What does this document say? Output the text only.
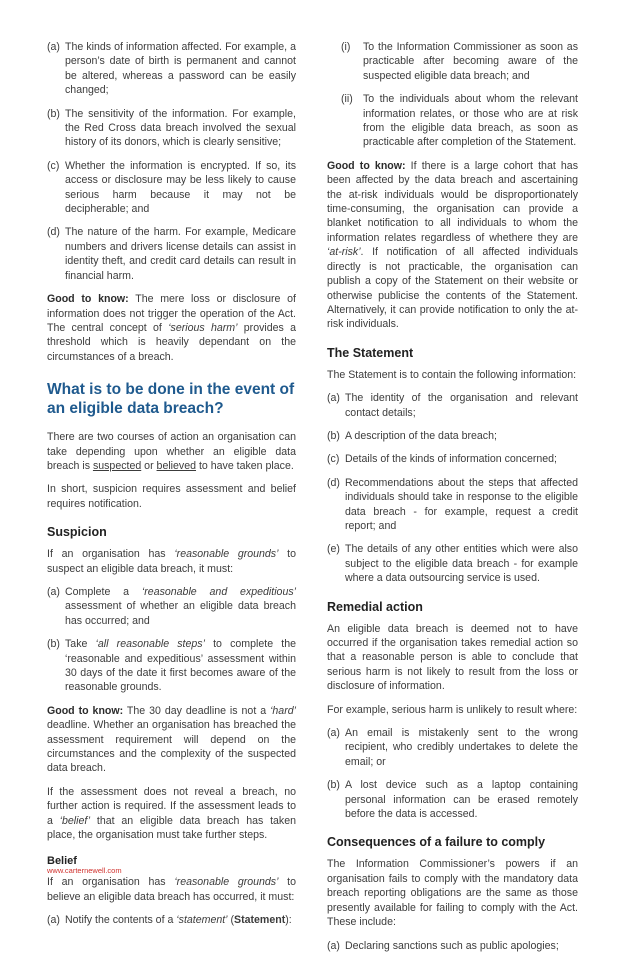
(a) The kinds of information affected. For example, a person’s date of birth is permanent and cannot be altered, whereas a password can be easily changed;
(b) The sensitivity of the information. For example, the Red Cross data breach involved the sexual history of its donors, which is clearly sensitive;
(c) Whether the information is encrypted. If so, its access or disclosure may be less likely to cause serious harm because it may not be decipherable; and
(d) The nature of the harm. For example, Medicare numbers and drivers license details can assist in identity theft, and credit card details can result in financial harm.

Good to know: The mere loss or disclosure of information does not trigger the operation of the Act. The central concept of ‘serious harm’ provides a threshold which is heavily dependant on the circumstances of a breach.

What is to be done in the event of an eligible data breach?

There are two courses of action an organisation can take depending upon whether an eligible data breach is suspected or believed to have taken place.

In short, suspicion requires assessment and belief requires notification.

Suspicion

If an organisation has ‘reasonable grounds’ to suspect an eligible data breach, it must:

(a) Complete a ‘reasonable and expeditious’ assessment of whether an eligible data breach has occurred; and
(b) Take ‘all reasonable steps’ to complete the ‘reasonable and expeditious’ assessment within 30 days of the date it first becomes aware of the reasonable grounds.

Good to know: The 30 day deadline is not a ‘hard’ deadline. Whether an organisation has breached the assessment requirement will depend on the circumstances and the complexity of the suspected data breach.

If the assessment does not reveal a breach, no further action is required. If the assessment leads to a ‘belief’ that an eligible data breach has taken place, the organisation must take further steps.

Belief

If an organisation has ‘reasonable grounds’ to believe an eligible data breach has occurred, it must:

(a) Notify the contents of a ‘statement’ (Statement):
(i)	To the Information Commissioner as soon as practicable after becoming aware of the suspected eligible data breach; and
(ii) To the individuals about whom the relevant information relates, or those who are at risk from the eligible data breach, as soon as practicable after completion of the Statement.

Good to know: If there is a large cohort that has been affected by the data breach and ascertaining the at-risk individuals would be disproportionately time-consuming, the organisation can provide a blanket notification to all individuals to whom the information relates regardless of whethere they are ‘at-risk’. If notification of all affected individuals directly is not practicable, the organisation can publish a copy of the Statement on their website or otherwise publicise the contents of the Statement. Alternatively, it can provide notification to only the at-risk individuals.

The Statement

The Statement is to contain the following information:

(a) The identity of the organisation and relevant contact details;
(b) A description of the data breach;
(c) Details of the kinds of information concerned;
(d) Recommendations about the steps that affected individuals should take in response to the eligible data breach - for example, request a credit report; and
(e) The details of any other entities which were also subject to the eligible data breach - for example where a data outsourcing service is used.
Remedial action

An eligible data breach is deemed not to have occurred if the organisation takes remedial action so that a reasonable person is able to conclude that serious harm is not likely to result from the loss or disclosure of information.

For example, serious harm is unlikely to result where:

(a) An email is mistakenly sent to the wrong recipient, who credibly undertakes to delete the email; or
(b) A lost device such as a laptop containing personal information can be erased remotely before the data is accessed.
Consequences of a failure to comply

The Information Commissioner’s powers if an organisation fails to comply with the mandatory data breach reporting obligations are the same as those presently available for failing to comply with the Act. These include:

(a) Declaring sanctions such as public apologies;
www.carternewell.com
